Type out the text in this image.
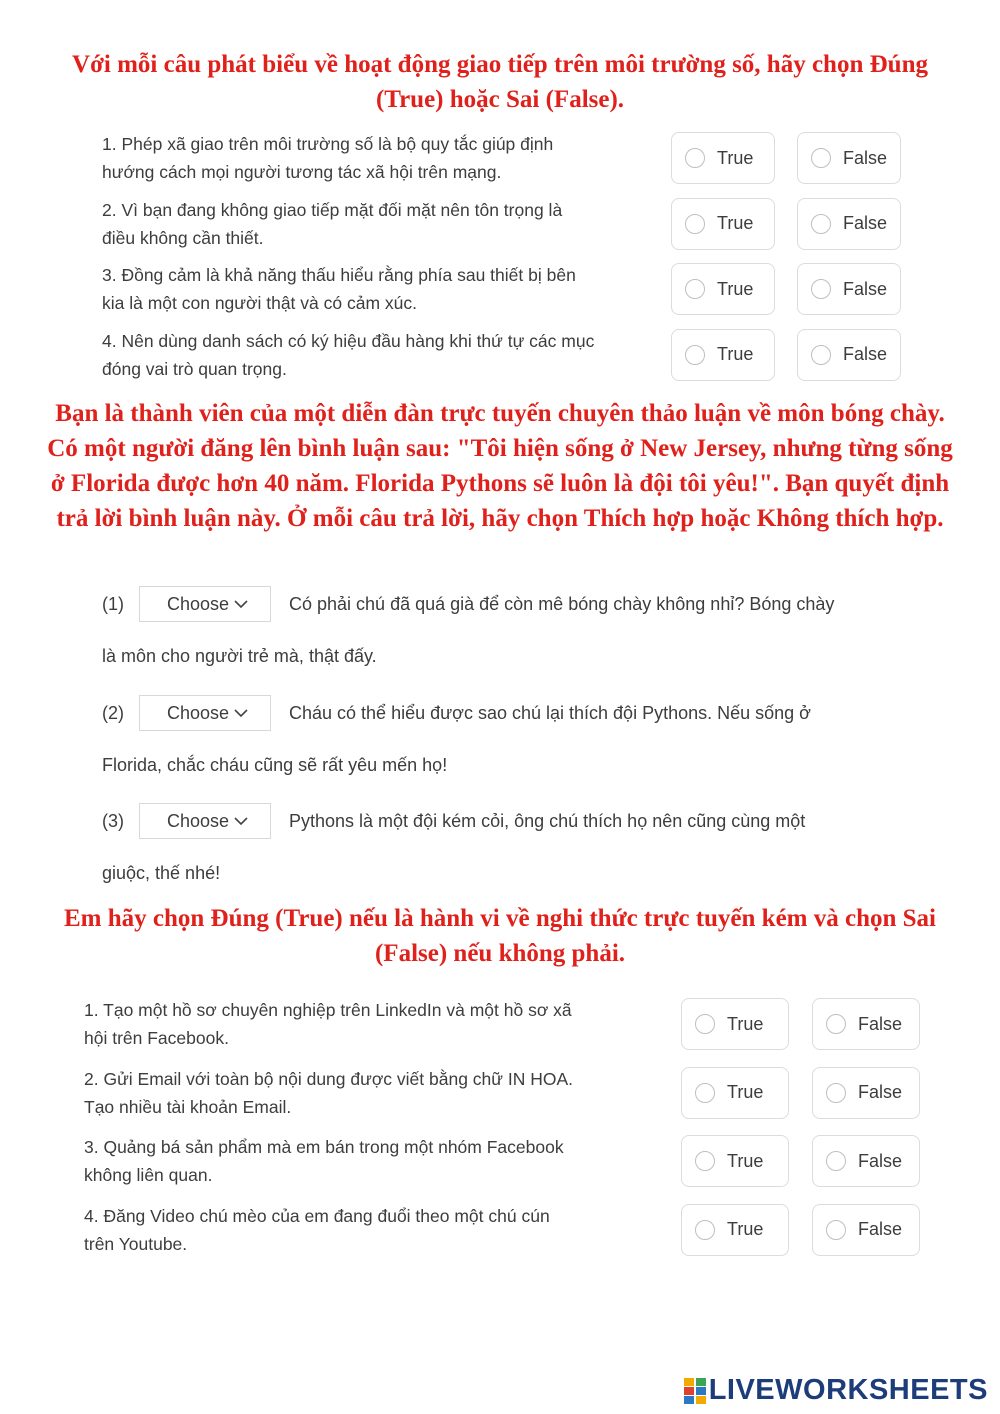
Với mỗi câu phát biểu về hoạt động giao tiếp trên môi trường số, hãy chọn Đúng (True) hoặc Sai (False).
1. Phép xã giao trên môi trường số là bộ quy tắc giúp định
hướng cách mọi người tương tác xã hội trên mạng.
True	False
2. Vì bạn đang không giao tiếp mặt đối mặt nên tôn trọng là
điều không cần thiết.
True	False
3. Đồng cảm là khả năng thấu hiểu rằng phía sau thiết bị bên
kia là một con người thật và có cảm xúc.
True	False
4. Nên dùng danh sách có ký hiệu đầu hàng khi thứ tự các mục
đóng vai trò quan trọng.
True	False
Bạn là thành viên của một diễn đàn trực tuyến chuyên thảo luận về môn bóng chày. Có một người đăng lên bình luận sau: "Tôi hiện sống ở New Jersey, nhưng từng sống ở Florida được hơn 40 năm. Florida Pythons sẽ luôn là đội tôi yêu!". Bạn quyết định trả lời bình luận này. Ở mỗi câu trả lời, hãy chọn Thích hợp hoặc Không thích hợp.
(1) Choose	Có phải chú đã quá già để còn mê bóng chày không nhỉ? Bóng chày
là môn cho người trẻ mà, thật đấy.
(2) Choose	Cháu có thể hiểu được sao chú lại thích đội Pythons. Nếu sống ở
Florida, chắc cháu cũng sẽ rất yêu mến họ!
(3) Choose	Pythons là một đội kém cỏi, ông chú thích họ nên cũng cùng một
giuộc, thế nhé!
Em hãy chọn Đúng (True) nếu là hành vi về nghi thức trực tuyến kém và chọn Sai (False) nếu không phải.
1. Tạo một hồ sơ chuyên nghiệp trên LinkedIn và một hồ sơ xã
hội trên Facebook.
True	False
2. Gửi Email với toàn bộ nội dung được viết bằng chữ IN HOA.
Tạo nhiều tài khoản Email.
True	False
3. Quảng bá sản phẩm mà em bán trong một nhóm Facebook
không liên quan.
True	False
4. Đăng Video chú mèo của em đang đuổi theo một chú cún
trên Youtube.
True	False
LIVEWORKSHEETS
